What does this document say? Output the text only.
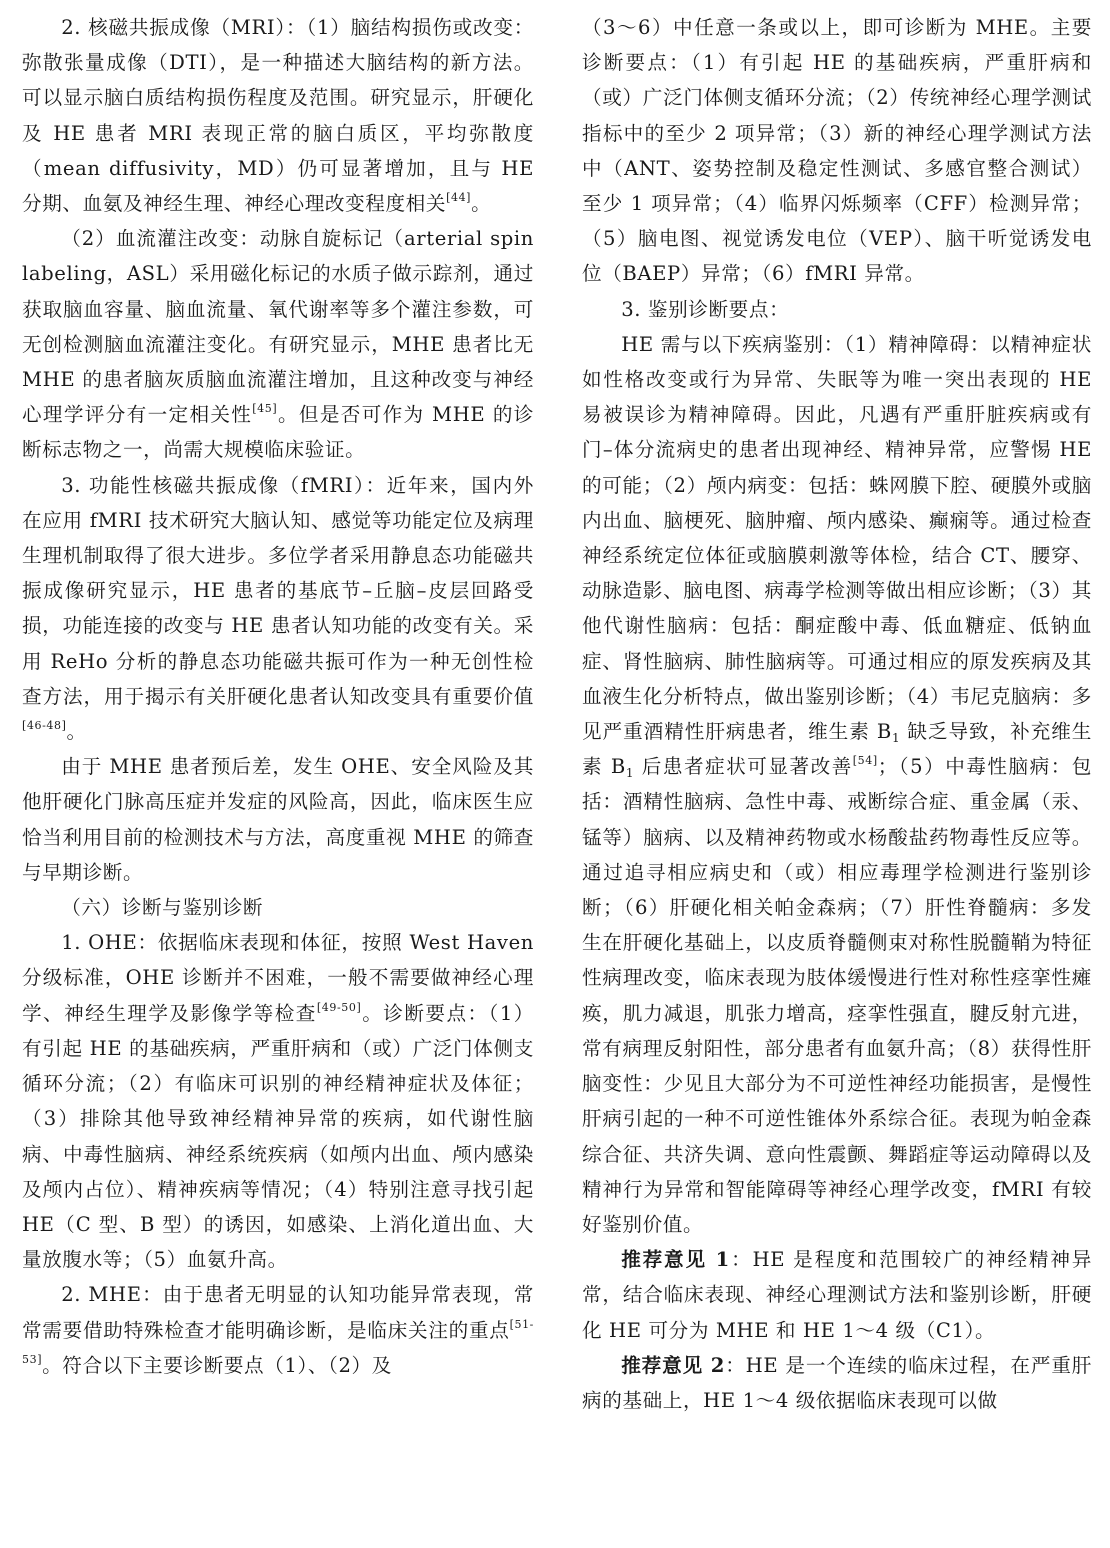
2. 核磁共振成像（MRI）：（1）脑结构损伤或改变：弥散张量成像（DTI），是一种描述大脑结构的新方法。可以显示脑白质结构损伤程度及范围。研究显示，肝硬化及 HE 患者 MRI 表现正常的脑白质区，平均弥散度（mean diffusivity，MD）仍可显著增加，且与 HE 分期、血氨及神经生理、神经心理改变程度相关[44]。

（2）血流灌注改变：动脉自旋标记（arterial spin labeling，ASL）采用磁化标记的水质子做示踪剂，通过获取脑血容量、脑血流量、氧代谢率等多个灌注参数，可无创检测脑血流灌注变化。有研究显示，MHE 患者比无 MHE 的患者脑灰质脑血流灌注增加，且这种改变与神经心理学评分有一定相关性[45]。但是否可作为 MHE 的诊断标志物之一，尚需大规模临床验证。

3. 功能性核磁共振成像（fMRI）：近年来，国内外在应用 fMRI 技术研究大脑认知、感觉等功能定位及病理生理机制取得了很大进步。多位学者采用静息态功能磁共振成像研究显示，HE 患者的基底节–丘脑–皮层回路受损，功能连接的改变与 HE 患者认知功能的改变有关。采用 ReHo 分析的静息态功能磁共振可作为一种无创性检查方法，用于揭示有关肝硬化患者认知改变具有重要价值[46-48]。

由于 MHE 患者预后差，发生 OHE、安全风险及其他肝硬化门脉高压症并发症的风险高，因此，临床医生应恰当利用目前的检测技术与方法，高度重视 MHE 的筛查与早期诊断。

（六）诊断与鉴别诊断

1. OHE：依据临床表现和体征，按照 West Haven 分级标准，OHE 诊断并不困难，一般不需要做神经心理学、神经生理学及影像学等检查[49-50]。诊断要点：（1）有引起 HE 的基础疾病，严重肝病和（或）广泛门体侧支循环分流；（2）有临床可识别的神经精神症状及体征；（3）排除其他导致神经精神异常的疾病，如代谢性脑病、中毒性脑病、神经系统疾病（如颅内出血、颅内感染及颅内占位）、精神疾病等情况；（4）特别注意寻找引起 HE（C 型、B 型）的诱因，如感染、上消化道出血、大量放腹水等；（5）血氨升高。

2. MHE：由于患者无明显的认知功能异常表现，常常需要借助特殊检查才能明确诊断，是临床关注的重点[51-53]。符合以下主要诊断要点（1）、（2）及

（3～6）中任意一条或以上，即可诊断为 MHE。主要诊断要点：（1）有引起 HE 的基础疾病，严重肝病和（或）广泛门体侧支循环分流；（2）传统神经心理学测试指标中的至少 2 项异常；（3）新的神经心理学测试方法中（ANT、姿势控制及稳定性测试、多感官整合测试）至少 1 项异常；（4）临界闪烁频率（CFF）检测异常；（5）脑电图、视觉诱发电位（VEP）、脑干听觉诱发电位（BAEP）异常；（6）fMRI 异常。

3. 鉴别诊断要点：

HE 需与以下疾病鉴别：（1）精神障碍：以精神症状如性格改变或行为异常、失眠等为唯一突出表现的 HE 易被误诊为精神障碍。因此，凡遇有严重肝脏疾病或有门–体分流病史的患者出现神经、精神异常，应警惕 HE 的可能；（2）颅内病变：包括：蛛网膜下腔、硬膜外或脑内出血、脑梗死、脑肿瘤、颅内感染、癫痫等。通过检查神经系统定位体征或脑膜刺激等体检，结合 CT、腰穿、动脉造影、脑电图、病毒学检测等做出相应诊断；（3）其他代谢性脑病：包括：酮症酸中毒、低血糖症、低钠血症、肾性脑病、肺性脑病等。可通过相应的原发疾病及其血液生化分析特点，做出鉴别诊断；（4）韦尼克脑病：多见严重酒精性肝病患者，维生素 $B_1$ 缺乏导致，补充维生素 $B_1$ 后患者症状可显著改善[54]；（5）中毒性脑病：包括：酒精性脑病、急性中毒、戒断综合症、重金属（汞、锰等）脑病、以及精神药物或水杨酸盐药物毒性反应等。通过追寻相应病史和（或）相应毒理学检测进行鉴别诊断；（6）肝硬化相关帕金森病；（7）肝性脊髓病：多发生在肝硬化基础上，以皮质脊髓侧束对称性脱髓鞘为特征性病理改变，临床表现为肢体缓慢进行性对称性痉挛性瘫痪，肌力减退，肌张力增高，痉挛性强直，腱反射亢进，常有病理反射阳性，部分患者有血氨升高；（8）获得性肝脑变性：少见且大部分为不可逆性神经功能损害，是慢性肝病引起的一种不可逆性锥体外系综合征。表现为帕金森综合征、共济失调、意向性震颤、舞蹈症等运动障碍以及精神行为异常和智能障碍等神经心理学改变，fMRI 有较好鉴别价值。

推荐意见 1：HE 是程度和范围较广的神经精神异常，结合临床表现、神经心理测试方法和鉴别诊断，肝硬化 HE 可分为 MHE 和 HE 1～4 级（C1）。

推荐意见 2：HE 是一个连续的临床过程，在严重肝病的基础上，HE 1～4 级依据临床表现可以做
